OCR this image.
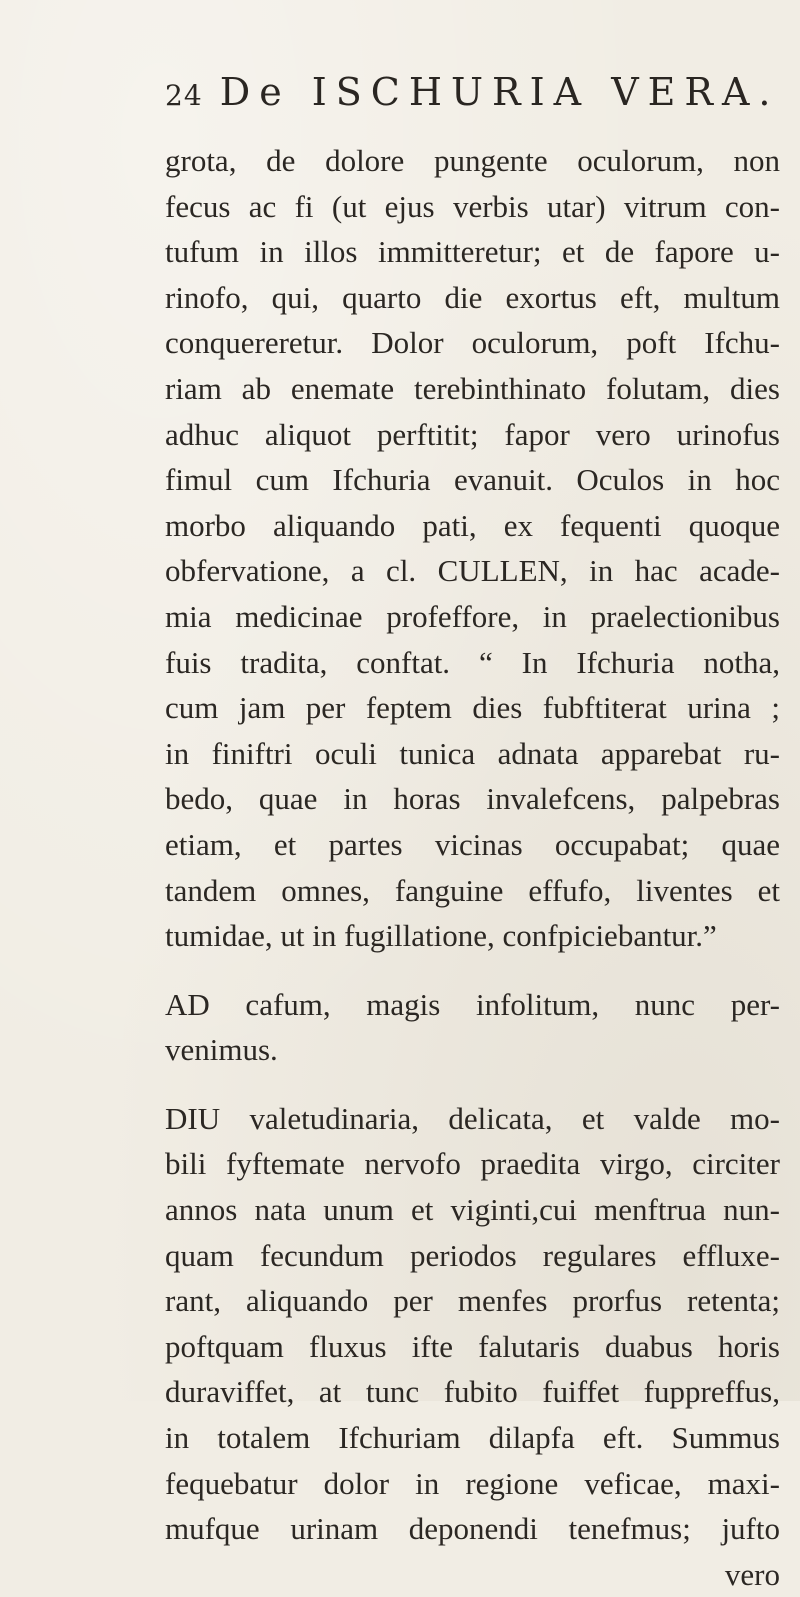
24 De ISCHURIA VERA.
grota, de dolore pungente oculorum, non
fecus ac fi (ut ejus verbis utar) vitrum con-
tufum in illos immitteretur; et de fapore u-
rinofo, qui, quarto die exortus eft, multum
conquereretur. Dolor oculorum, poft Ifchu-
riam ab enemate terebinthinato folutam, dies
adhuc aliquot perftitit; fapor vero urinofus
fimul cum Ifchuria evanuit. Oculos in hoc
morbo aliquando pati, ex fequenti quoque
obfervatione, a cl. CULLEN, in hac acade-
mia medicinae profeffore, in praelectionibus
fuis tradita, conftat. “ In Ifchuria notha,
cum jam per feptem dies fubftiterat urina ;
in finiftri oculi tunica adnata apparebat ru-
bedo, quae in horas invalefcens, palpebras
etiam, et partes vicinas occupabat; quae
tandem omnes, fanguine effufo, liventes et
tumidae, ut in fugillatione, confpiciebantur.”
AD cafum, magis infolitum, nunc per-
venimus.
DIU valetudinaria, delicata, et valde mo-
bili fyftemate nervofo praedita virgo, circiter
annos nata unum et viginti,cui menftrua nun-
quam fecundum periodos regulares effluxe-
rant, aliquando per menfes prorfus retenta;
poftquam fluxus ifte falutaris duabus horis
duraviffet, at tunc fubito fuiffet fuppreffus,
in totalem Ifchuriam dilapfa eft. Summus
fequebatur dolor in regione veficae, maxi-
mufque urinam deponendi tenefmus; jufto
vero
